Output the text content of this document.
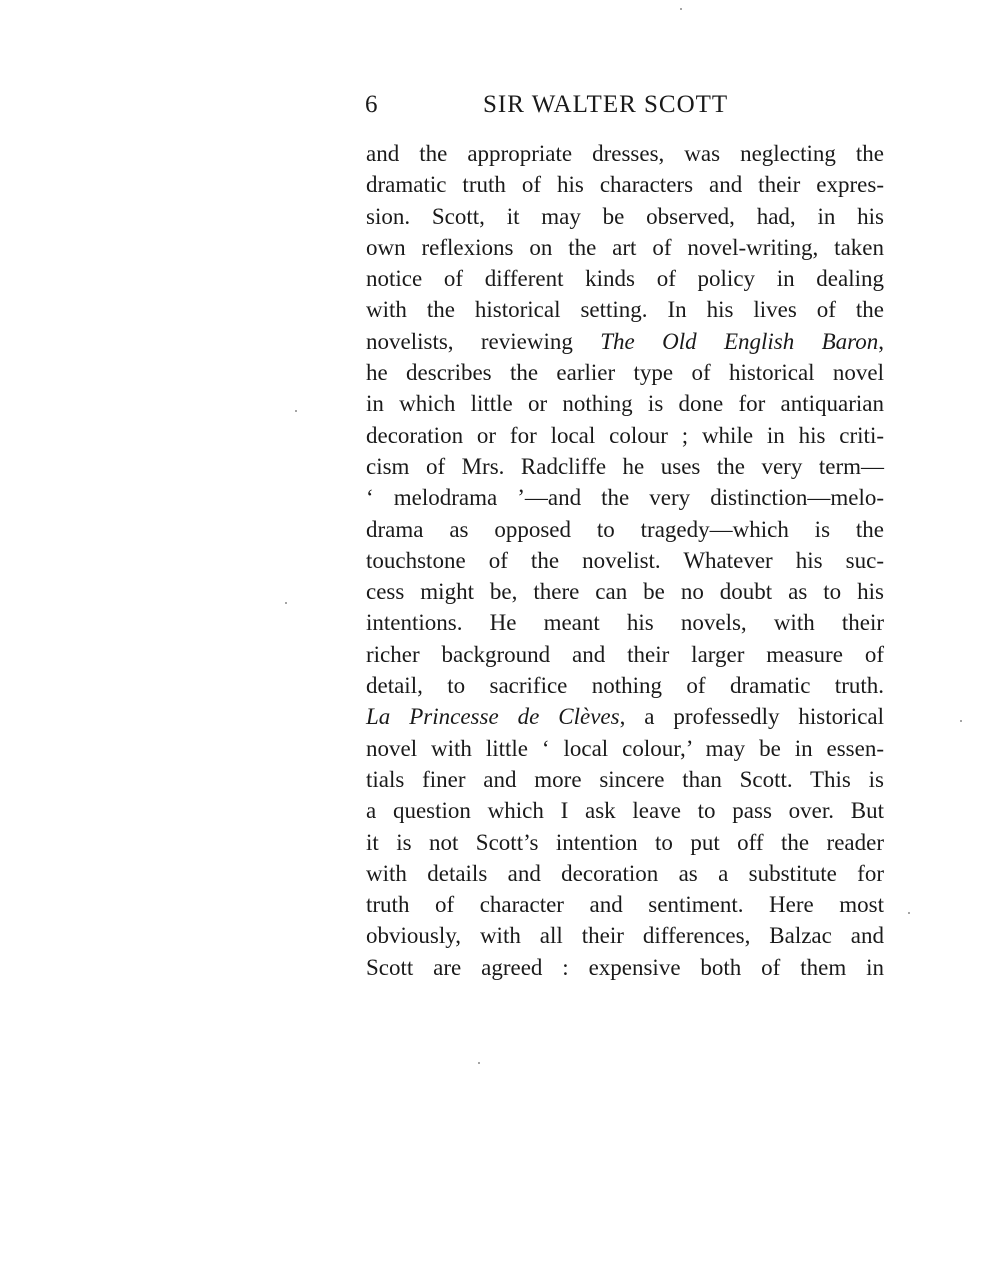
6	SIR WALTER SCOTT
and the appropriate dresses, was neglecting the
dramatic truth of his characters and their expres-
sion. Scott, it may be observed, had, in his
own reflexions on the art of novel-writing, taken
notice of different kinds of policy in dealing
with the historical setting. In his lives of the
novelists, reviewing The Old English Baron,
he describes the earlier type of historical novel
in which little or nothing is done for antiquarian
decoration or for local colour ; while in his criti-
cism of Mrs. Radcliffe he uses the very term—
‘ melodrama ’—and the very distinction—melo-
drama as opposed to tragedy—which is the
touchstone of the novelist. Whatever his suc-
cess might be, there can be no doubt as to his
intentions. He meant his novels, with their
richer background and their larger measure of
detail, to sacrifice nothing of dramatic truth.
La Princesse de Clèves, a professedly historical
novel with little ‘ local colour,’ may be in essen-
tials finer and more sincere than Scott. This is
a question which I ask leave to pass over. But
it is not Scott’s intention to put off the reader
with details and decoration as a substitute for
truth of character and sentiment. Here most
obviously, with all their differences, Balzac and
Scott are agreed : expensive both of them in
